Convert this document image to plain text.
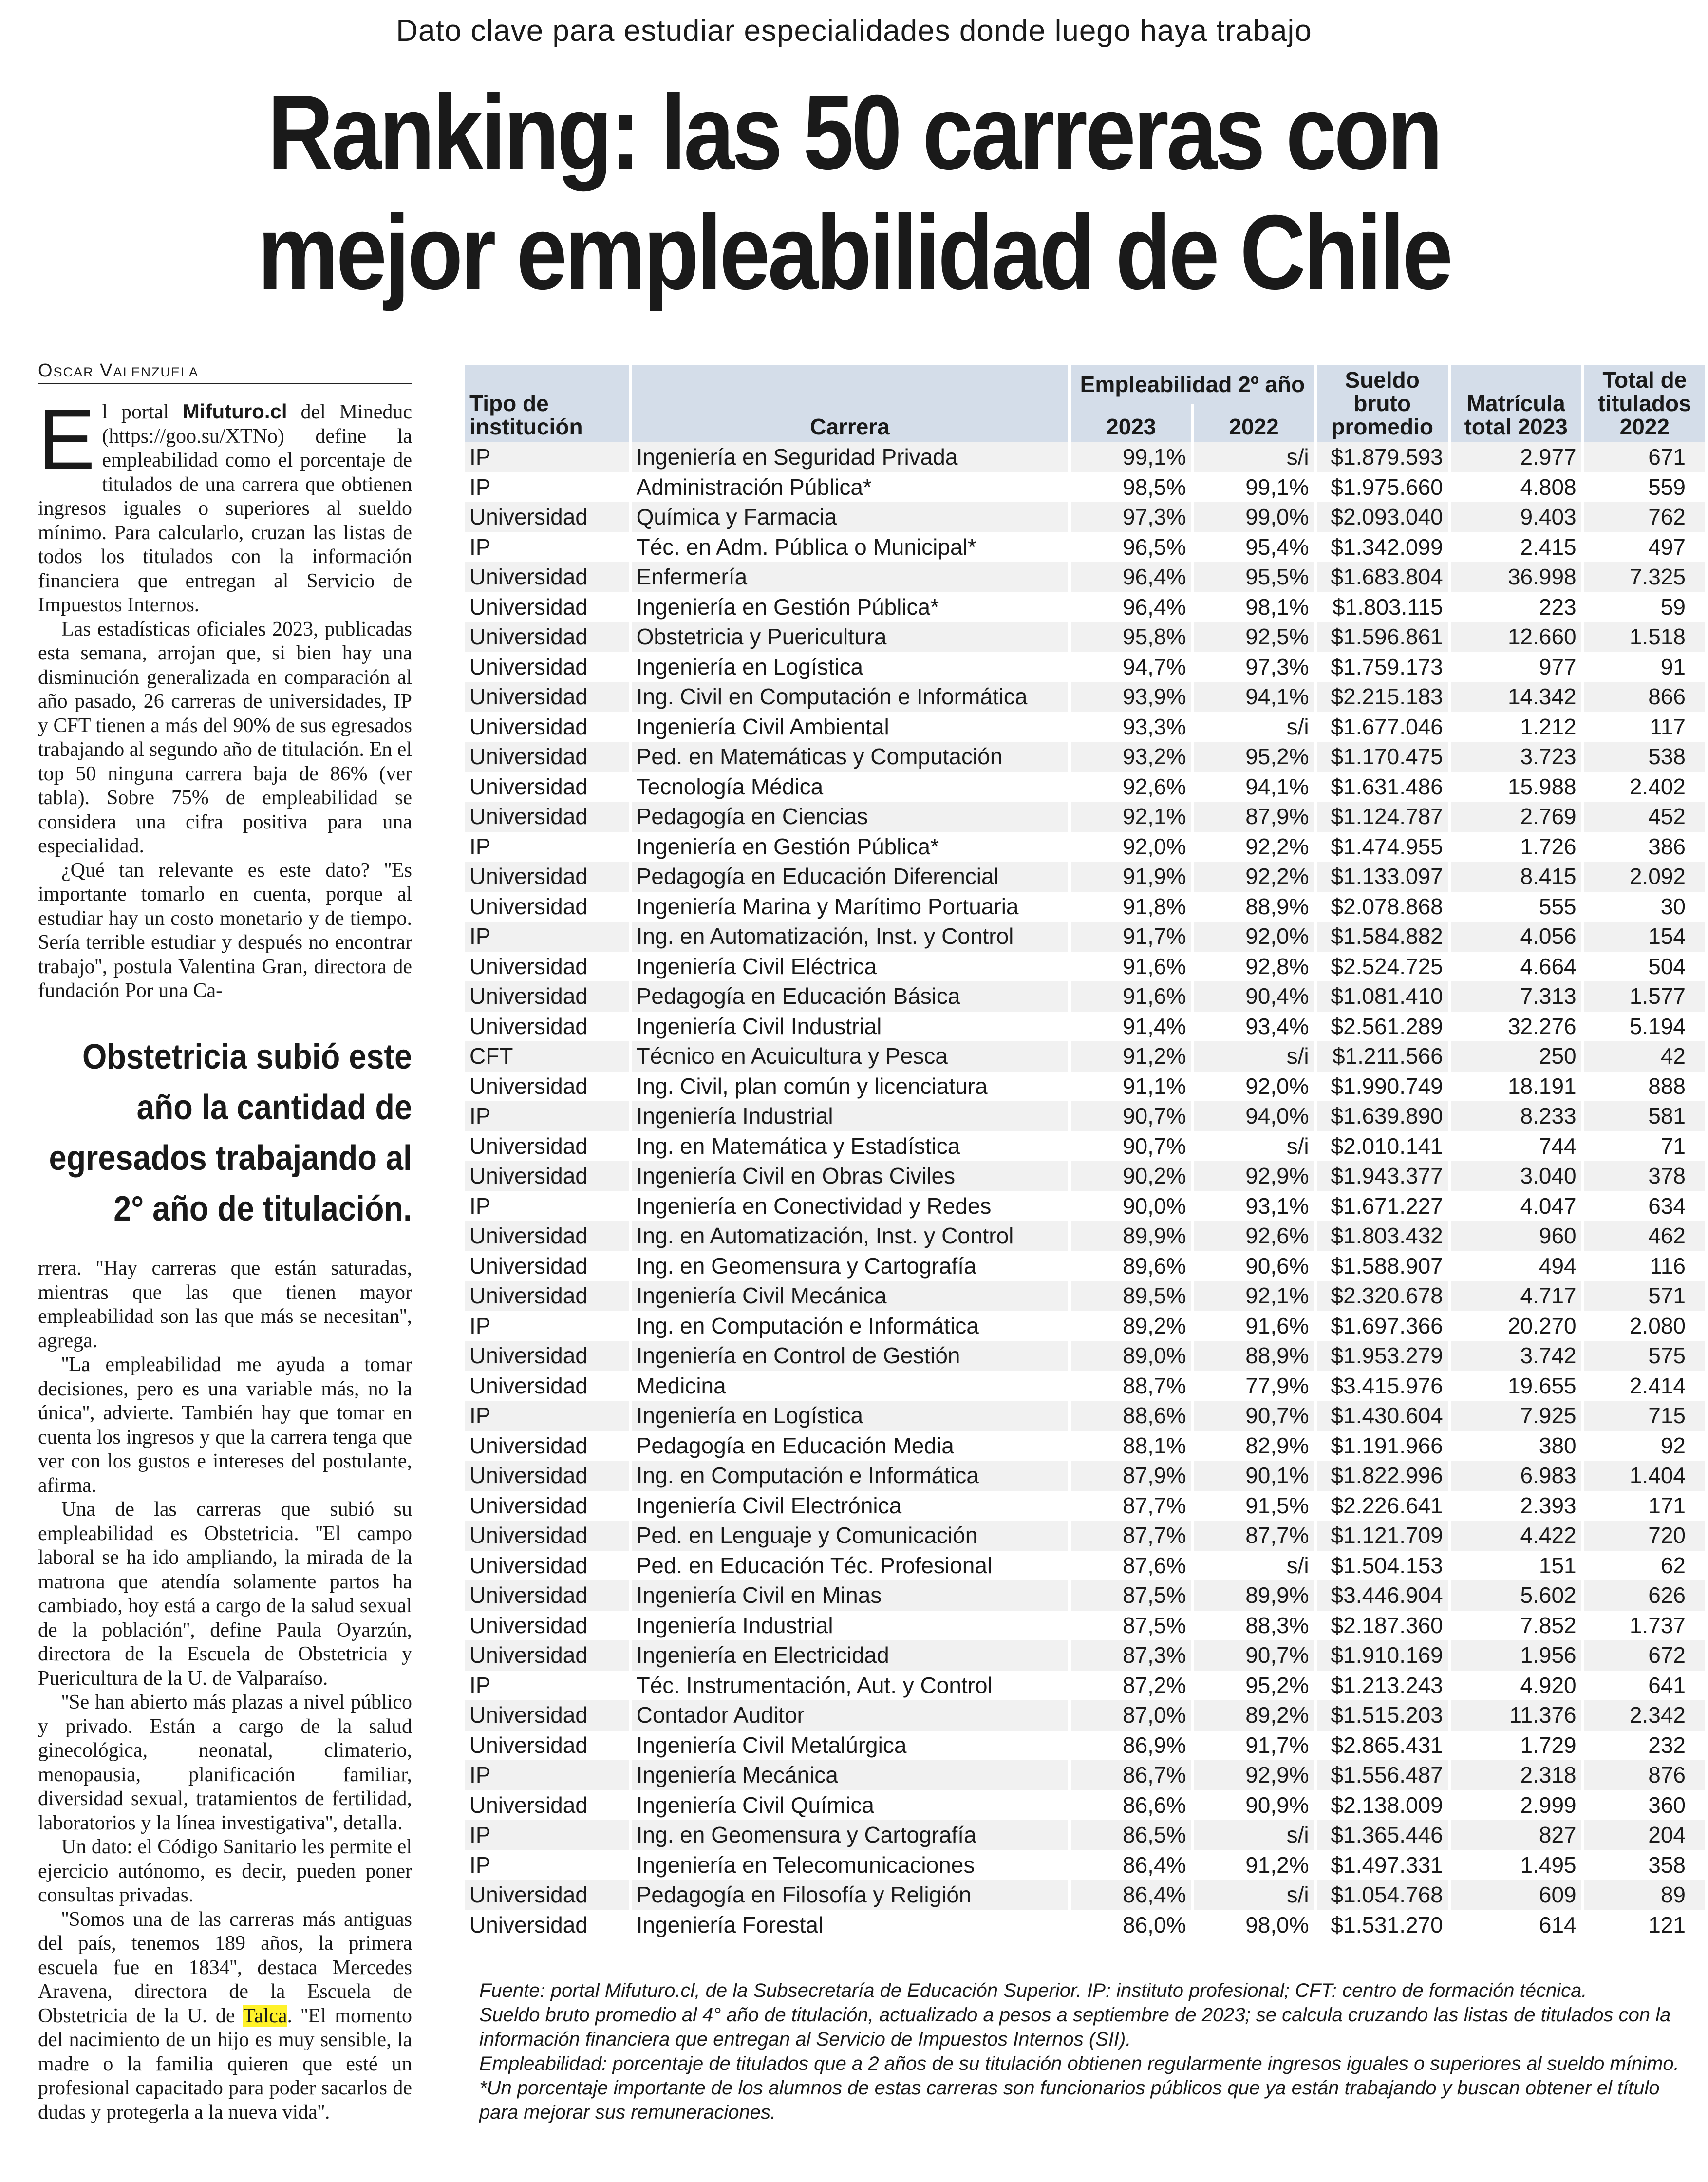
Dato clave para estudiar especialidades donde luego haya trabajo
Ranking: las 50 carreras con
mejor empleabilidad de Chile
Oscar Valenzuela

El portal Mifuturo.cl del Mineduc (https://goo.su/XTNo) define la empleabilidad como el porcentaje de titulados de una carrera que obtienen ingresos iguales o superiores al sueldo mínimo. Para calcularlo, cruzan las listas de todos los titulados con la información financiera que entregan al Servicio de Impuestos Internos.

Las estadísticas oficiales 2023, publicadas esta semana, arrojan que, si bien hay una disminución generalizada en comparación al año pasado, 26 carreras de universidades, IP y CFT tienen a más del 90% de sus egresados trabajando al segundo año de titulación. En el top 50 ninguna carrera baja de 86% (ver tabla). Sobre 75% de empleabilidad se considera una cifra positiva para una especialidad.

¿Qué tan relevante es este dato? ''Es importante tomarlo en cuenta, porque al estudiar hay un costo monetario y de tiempo. Sería terrible estudiar y después no encontrar trabajo'', postula Valentina Gran, directora de fundación Por una Ca-

Obstetricia subió este
año la cantidad de
egresados trabajando al
2° año de titulación.

rrera. ''Hay carreras que están saturadas, mientras que las que tienen mayor empleabilidad son las que más se necesitan'', agrega.

''La empleabilidad me ayuda a tomar decisiones, pero es una variable más, no la única'', advierte. También hay que tomar en cuenta los ingresos y que la carrera tenga que ver con los gustos e intereses del postulante, afirma.

Una de las carreras que subió su empleabilidad es Obstetricia. ''El campo laboral se ha ido ampliando, la mirada de la matrona que atendía solamente partos ha cambiado, hoy está a cargo de la salud sexual de la población'', define Paula Oyarzún, directora de la Escuela de Obstetricia y Puericultura de la U. de Valparaíso.

''Se han abierto más plazas a nivel público y privado. Están a cargo de la salud ginecológica, neonatal, climaterio, menopausia, planificación familiar, diversidad sexual, tratamientos de fertilidad, laboratorios y la línea investigativa'', detalla.

Un dato: el Código Sanitario les permite el ejercicio autónomo, es decir, pueden poner consultas privadas.

''Somos una de las carreras más antiguas del país, tenemos 189 años, la primera escuela fue en 1834'', destaca Mercedes Aravena, directora de la Escuela de Obstetricia de la U. de Talca. ''El momento del nacimiento de un hijo es muy sensible, la madre o la familia quieren que esté un profesional capacitado para poder sacarlos de dudas y protegerla a la nueva vida''.

Tipo de institución	Carrera	Empleabilidad 2º año		Sueldo bruto promedio	Matrícula total 2023	Total de titulados 2022
		2023	2022			
IP	Ingeniería en Seguridad Privada	99,1%	s/i	$1.879.593	2.977	671
IP	Administración Pública*	98,5%	99,1%	$1.975.660	4.808	559
Universidad	Química y Farmacia	97,3%	99,0%	$2.093.040	9.403	762
IP	Téc. en Adm. Pública o Municipal*	96,5%	95,4%	$1.342.099	2.415	497
Universidad	Enfermería	96,4%	95,5%	$1.683.804	36.998	7.325
Universidad	Ingeniería en Gestión Pública*	96,4%	98,1%	$1.803.115	223	59
Universidad	Obstetricia y Puericultura	95,8%	92,5%	$1.596.861	12.660	1.518
Universidad	Ingeniería en Logística	94,7%	97,3%	$1.759.173	977	91
Universidad	Ing. Civil en Computación e Informática	93,9%	94,1%	$2.215.183	14.342	866
Universidad	Ingeniería Civil Ambiental	93,3%	s/i	$1.677.046	1.212	117
Universidad	Ped. en Matemáticas y Computación	93,2%	95,2%	$1.170.475	3.723	538
Universidad	Tecnología Médica	92,6%	94,1%	$1.631.486	15.988	2.402
Universidad	Pedagogía en Ciencias	92,1%	87,9%	$1.124.787	2.769	452
IP	Ingeniería en Gestión Pública*	92,0%	92,2%	$1.474.955	1.726	386
Universidad	Pedagogía en Educación Diferencial	91,9%	92,2%	$1.133.097	8.415	2.092
Universidad	Ingeniería Marina y Marítimo Portuaria	91,8%	88,9%	$2.078.868	555	30
IP	Ing. en Automatización, Inst. y Control	91,7%	92,0%	$1.584.882	4.056	154
Universidad	Ingeniería Civil Eléctrica	91,6%	92,8%	$2.524.725	4.664	504
Universidad	Pedagogía en Educación Básica	91,6%	90,4%	$1.081.410	7.313	1.577
Universidad	Ingeniería Civil Industrial	91,4%	93,4%	$2.561.289	32.276	5.194
CFT	Técnico en Acuicultura y Pesca	91,2%	s/i	$1.211.566	250	42
Universidad	Ing. Civil, plan común y licenciatura	91,1%	92,0%	$1.990.749	18.191	888
IP	Ingeniería Industrial	90,7%	94,0%	$1.639.890	8.233	581
Universidad	Ing. en Matemática y Estadística	90,7%	s/i	$2.010.141	744	71
Universidad	Ingeniería Civil en Obras Civiles	90,2%	92,9%	$1.943.377	3.040	378
IP	Ingeniería en Conectividad y Redes	90,0%	93,1%	$1.671.227	4.047	634
Universidad	Ing. en Automatización, Inst. y Control	89,9%	92,6%	$1.803.432	960	462
Universidad	Ing. en Geomensura y Cartografía	89,6%	90,6%	$1.588.907	494	116
Universidad	Ingeniería Civil Mecánica	89,5%	92,1%	$2.320.678	4.717	571
IP	Ing. en Computación e Informática	89,2%	91,6%	$1.697.366	20.270	2.080
Universidad	Ingeniería en Control de Gestión	89,0%	88,9%	$1.953.279	3.742	575
Universidad	Medicina	88,7%	77,9%	$3.415.976	19.655	2.414
IP	Ingeniería en Logística	88,6%	90,7%	$1.430.604	7.925	715
Universidad	Pedagogía en Educación Media	88,1%	82,9%	$1.191.966	380	92
Universidad	Ing. en Computación e Informática	87,9%	90,1%	$1.822.996	6.983	1.404
Universidad	Ingeniería Civil Electrónica	87,7%	91,5%	$2.226.641	2.393	171
Universidad	Ped. en Lenguaje y Comunicación	87,7%	87,7%	$1.121.709	4.422	720
Universidad	Ped. en Educación Téc. Profesional	87,6%	s/i	$1.504.153	151	62
Universidad	Ingeniería Civil en Minas	87,5%	89,9%	$3.446.904	5.602	626
Universidad	Ingeniería Industrial	87,5%	88,3%	$2.187.360	7.852	1.737
Universidad	Ingeniería en Electricidad	87,3%	90,7%	$1.910.169	1.956	672
IP	Téc. Instrumentación, Aut. y Control	87,2%	95,2%	$1.213.243	4.920	641
Universidad	Contador Auditor	87,0%	89,2%	$1.515.203	11.376	2.342
Universidad	Ingeniería Civil Metalúrgica	86,9%	91,7%	$2.865.431	1.729	232
IP	Ingeniería Mecánica	86,7%	92,9%	$1.556.487	2.318	876
Universidad	Ingeniería Civil Química	86,6%	90,9%	$2.138.009	2.999	360
IP	Ing. en Geomensura y Cartografía	86,5%	s/i	$1.365.446	827	204
IP	Ingeniería en Telecomunicaciones	86,4%	91,2%	$1.497.331	1.495	358
Universidad	Pedagogía en Filosofía y Religión	86,4%	s/i	$1.054.768	609	89
Universidad	Ingeniería Forestal	86,0%	98,0%	$1.531.270	614	121

Fuente: portal Mifuturo.cl, de la Subsecretaría de Educación Superior. IP: instituto profesional; CFT: centro de formación técnica.

Sueldo bruto promedio al 4° año de titulación, actualizado a pesos a septiembre de 2023; se calcula cruzando las listas de titulados con la información financiera que entregan al Servicio de Impuestos Internos (SII).

Empleabilidad: porcentaje de titulados que a 2 años de su titulación obtienen regularmente ingresos iguales o superiores al sueldo mínimo.

*Un porcentaje importante de los alumnos de estas carreras son funcionarios públicos que ya están trabajando y buscan obtener el título para mejorar sus remuneraciones.
